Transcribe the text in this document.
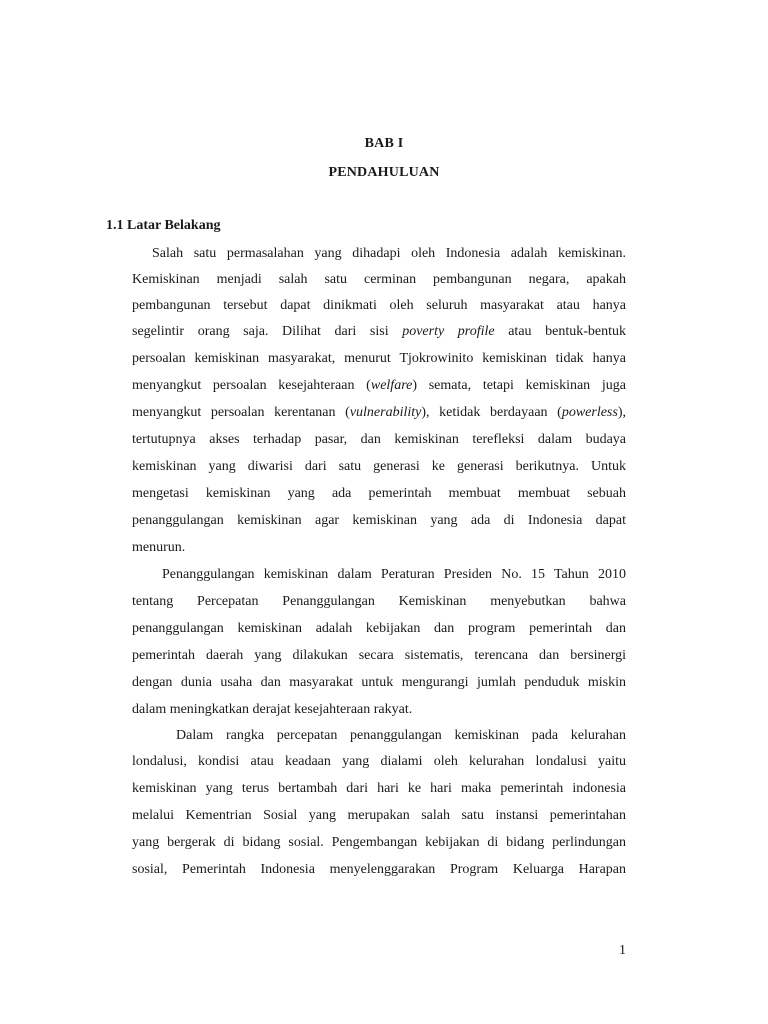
BAB I
PENDAHULUAN
1.1 Latar Belakang
Salah satu permasalahan yang dihadapi oleh Indonesia adalah kemiskinan.
Kemiskinan menjadi salah satu cerminan pembangunan negara, apakah
pembangunan tersebut dapat dinikmati oleh seluruh masyarakat atau hanya
segelintir orang saja. Dilihat dari sisi poverty profile atau bentuk-bentuk
persoalan kemiskinan masyarakat, menurut Tjokrowinito kemiskinan tidak hanya
menyangkut persoalan kesejahteraan (welfare) semata, tetapi kemiskinan juga
menyangkut persoalan kerentanan (vulnerability), ketidak berdayaan (powerless),
tertutupnya akses terhadap pasar, dan kemiskinan terefleksi dalam budaya
kemiskinan yang diwarisi dari satu generasi ke generasi berikutnya. Untuk
mengetasi kemiskinan yang ada pemerintah membuat membuat sebuah
penanggulangan kemiskinan agar kemiskinan yang ada di Indonesia dapat
menurun.
Penanggulangan kemiskinan dalam Peraturan Presiden No. 15 Tahun 2010
tentang Percepatan Penanggulangan Kemiskinan menyebutkan bahwa
penanggulangan kemiskinan adalah kebijakan dan program pemerintah dan
pemerintah daerah yang dilakukan secara sistematis, terencana dan bersinergi
dengan dunia usaha dan masyarakat untuk mengurangi jumlah penduduk miskin
dalam meningkatkan derajat kesejahteraan rakyat.
Dalam rangka percepatan penanggulangan kemiskinan pada kelurahan
londalusi, kondisi atau keadaan yang dialami oleh kelurahan londalusi yaitu
kemiskinan yang terus bertambah dari hari ke hari maka pemerintah indonesia
melalui Kementrian Sosial yang merupakan salah satu instansi pemerintahan
yang bergerak di bidang sosial. Pengembangan kebijakan di bidang perlindungan
sosial, Pemerintah Indonesia menyelenggarakan Program Keluarga Harapan
1
